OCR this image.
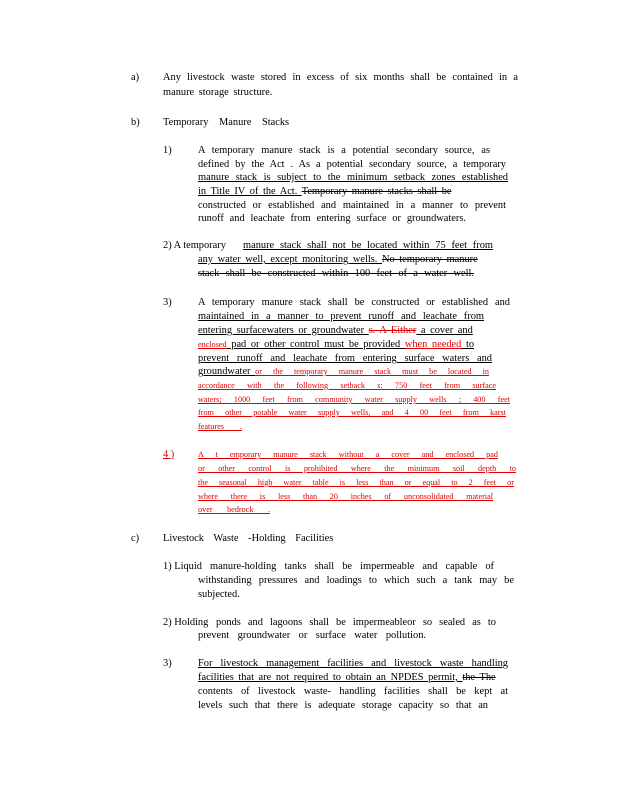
a) Any livestock waste stored in excess of six months shall be contained in a
manure storage structure.
b) Temporary Manure Stacks
1)	A temporary manure stack is a potential secondary source, as
defined by the Act . As a potential secondary source, a temporary
manure stack is subject to the minimum setback zones established
in Title IV of the Act. Temporary manure stacks shall be
constructed or established and maintained in a manner to prevent
runoff and leachate from entering surface or groundwaters.
2) A temporary manure stack shall not be located within 75 feet from
any water well, except monitoring wells. No temporary manure
stack shall be constructed within 100 feet of a water well.
3)	A temporary manure stack shall be constructed or established and
maintained in a manner to prevent runoff and leachate from
entering surfacewaters or groundwater s. A Either a cover and
enclosed pad or other control must be provided when needed to
prevent runoff and leachate from entering surface waters and
groundwater or the temporary manure stack must be located in
accordance with the following setback s: 750 feet from surface
waters; 1000 feet from community water supply wells ; 400 feet
from other potable water supply wells, and 4 00 feet from karst
features .
4 )	A t emporary manure stack without a cover and enclosed pad
or other control is prohibited where the minimum soil depth to
the seasonal high water table is less than or equal to 2 feet or
where there is less than 20 inches of unconsolidated material
over bedrock .
c) Livestock Waste -Holding Facilities
1) Liquid manure-holding tanks shall be impermeable and capable of
withstanding pressures and loadings to which such a tank may be
subjected.
2) Holding ponds and lagoons shall be impermeableor so sealed as to
prevent groundwater or surface water pollution.
3)	For livestock management facilities and livestock waste handling
facilities that are not required to obtain an NPDES permit, the The
contents of livestock waste- handling facilities shall be kept at
levels such that there is adequate storage capacity so that an
